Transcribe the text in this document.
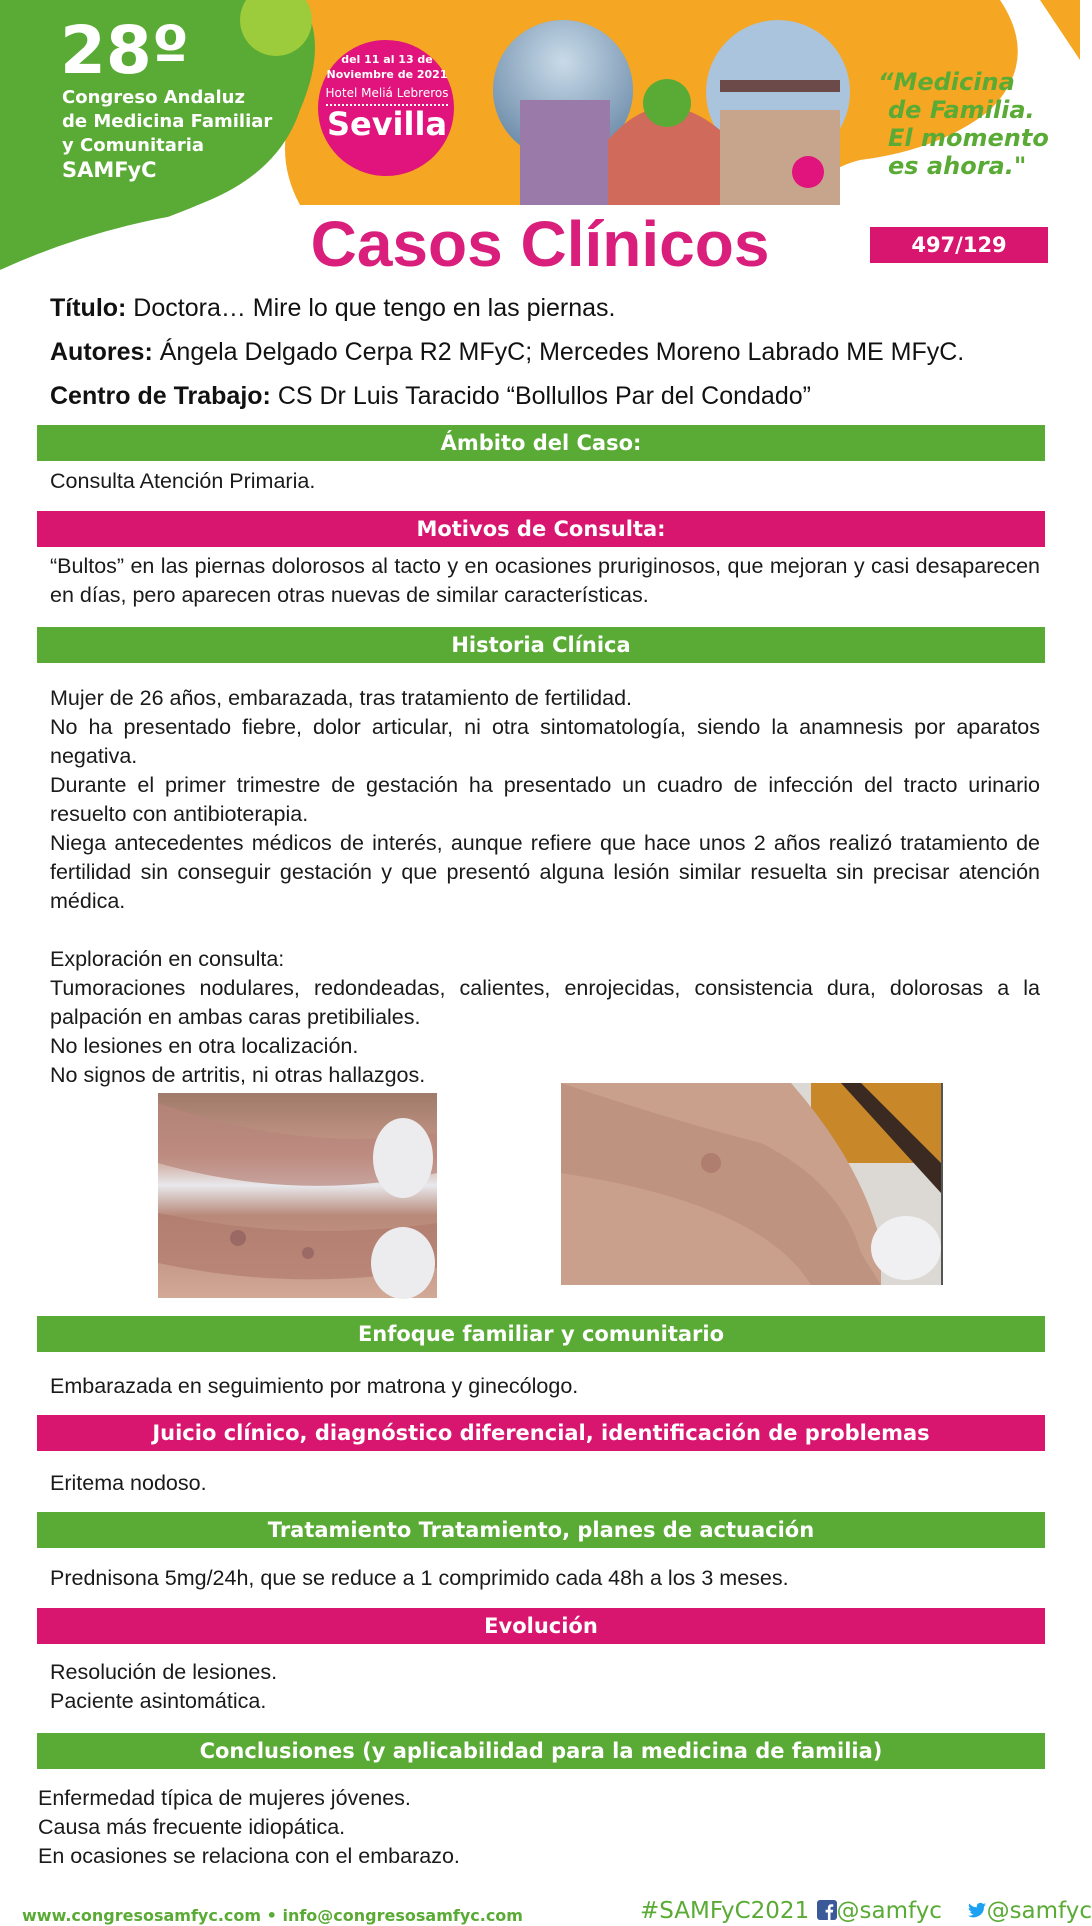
28º
Congreso Andaluz
de Medicina Familiar
y Comunitaria
SAMFyC
del 11 al 13 de
Noviembre de 2021
Hotel Meliá Lebreros
Sevilla
“Medicina
de Familia.
El momento
es ahora."
Casos Clínicos	497/129
Título: Doctora… Mire lo que tengo en las piernas.
Autores: Ángela Delgado Cerpa R2 MFyC; Mercedes Moreno Labrado ME MFyC.
Centro de Trabajo: CS Dr Luis Taracido “Bollullos Par del Condado”
Ámbito del Caso:
Consulta Atención Primaria.
Motivos de Consulta:
“Bultos” en las piernas dolorosos al tacto y en ocasiones pruriginosos, que mejoran y casi desaparecen en días, pero aparecen otras nuevas de similar características.
Historia Clínica

Mujer de 26 años, embarazada, tras tratamiento de fertilidad.

No ha presentado fiebre, dolor articular, ni otra sintomatología, siendo la anamnesis por aparatos negativa.

Durante el primer trimestre de gestación ha presentado un cuadro de infección del tracto urinario resuelto con antibioterapia.

Niega antecedentes médicos de interés, aunque refiere que hace unos 2 años realizó tratamiento de fertilidad sin conseguir gestación y que presentó alguna lesión similar resuelta sin precisar atención médica.

Exploración en consulta:

Tumoraciones nodulares, redondeadas, calientes, enrojecidas, consistencia dura, dolorosas a la palpación en ambas caras pretibiliales.

No lesiones en otra localización.

No signos de artritis, ni otras hallazgos.

Enfoque familiar y comunitario
Embarazada en seguimiento por matrona y ginecólogo.
Juicio clínico, diagnóstico diferencial, identificación de problemas
Eritema nodoso.
Tratamiento Tratamiento, planes de actuación
Prednisona 5mg/24h, que se reduce a 1 comprimido cada 48h a los 3 meses.
Evolución

Resolución de lesiones.

Paciente asintomática.

Conclusiones (y aplicabilidad para la medicina de familia)

Enfermedad típica de mujeres jóvenes.

Causa más frecuente idiopática.

En ocasiones se relaciona con el embarazo.

www.congresosamfyc.com • info@congresosamfyc.com	#SAMFyC2021 @samfyc @samfyc
